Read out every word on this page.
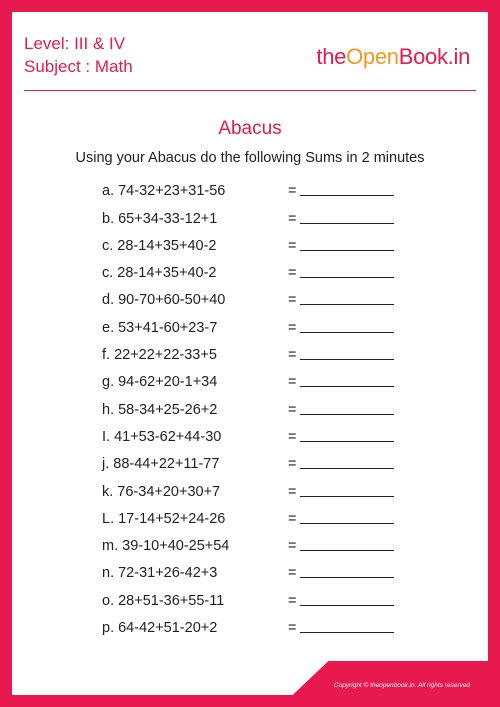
Level: III & IV
Subject : Math	theOpenBook.in
Abacus
Using your Abacus do the following Sums in 2 minutes
a. 74-32+23+31-56	=
b. 65+34-33-12+1	=
c. 28-14+35+40-2	=
c. 28-14+35+40-2	=
d. 90-70+60-50+40	=
e. 53+41-60+23-7	=
f. 22+22+22-33+5	=
g. 94-62+20-1+34	=
h. 58-34+25-26+2	=
I. 41+53-62+44-30	=
j. 88-44+22+11-77	=
k. 76-34+20+30+7	=
L. 17-14+52+24-26	=
m. 39-10+40-25+54	=
n. 72-31+26-42+3	=
o. 28+51-36+55-11	=
p. 64-42+51-20+2	=
Copyright © theopenbook.in. All rights reserved
